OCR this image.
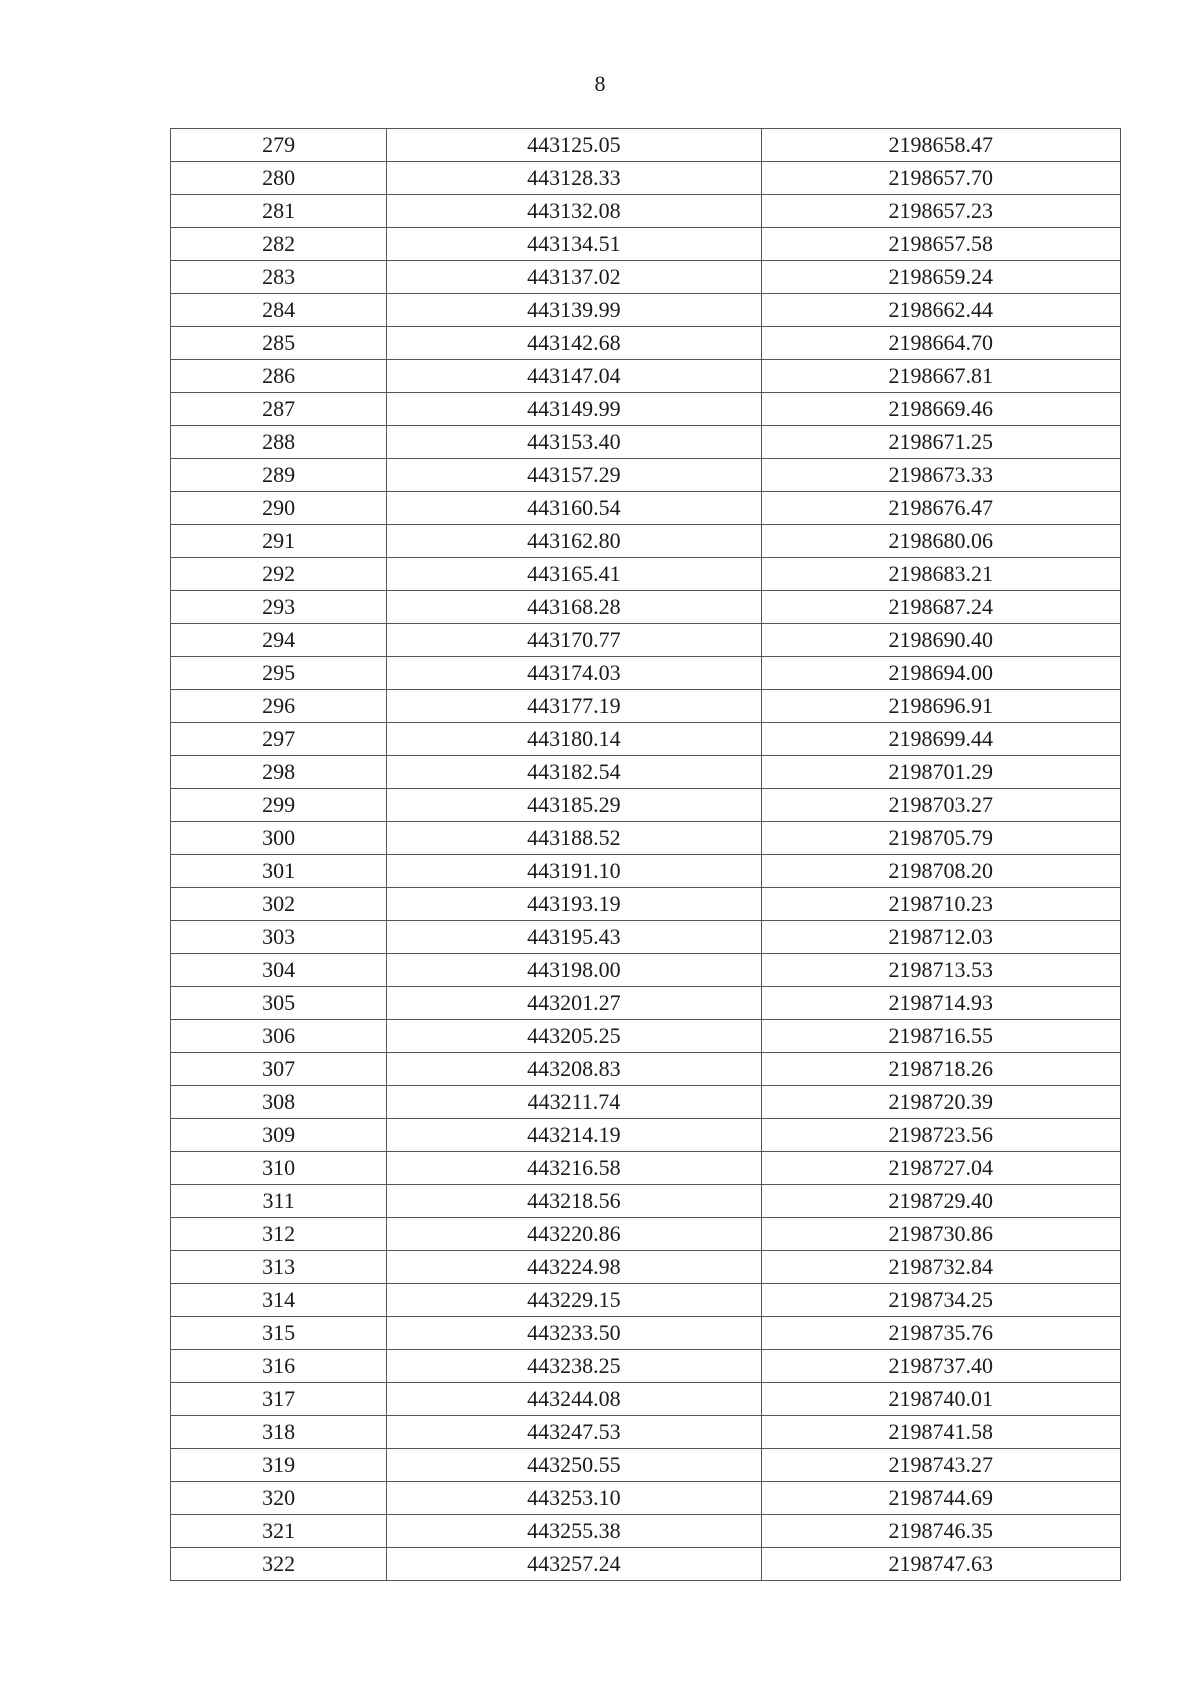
8
279	443125.05	2198658.47
280	443128.33	2198657.70
281	443132.08	2198657.23
282	443134.51	2198657.58
283	443137.02	2198659.24
284	443139.99	2198662.44
285	443142.68	2198664.70
286	443147.04	2198667.81
287	443149.99	2198669.46
288	443153.40	2198671.25
289	443157.29	2198673.33
290	443160.54	2198676.47
291	443162.80	2198680.06
292	443165.41	2198683.21
293	443168.28	2198687.24
294	443170.77	2198690.40
295	443174.03	2198694.00
296	443177.19	2198696.91
297	443180.14	2198699.44
298	443182.54	2198701.29
299	443185.29	2198703.27
300	443188.52	2198705.79
301	443191.10	2198708.20
302	443193.19	2198710.23
303	443195.43	2198712.03
304	443198.00	2198713.53
305	443201.27	2198714.93
306	443205.25	2198716.55
307	443208.83	2198718.26
308	443211.74	2198720.39
309	443214.19	2198723.56
310	443216.58	2198727.04
311	443218.56	2198729.40
312	443220.86	2198730.86
313	443224.98	2198732.84
314	443229.15	2198734.25
315	443233.50	2198735.76
316	443238.25	2198737.40
317	443244.08	2198740.01
318	443247.53	2198741.58
319	443250.55	2198743.27
320	443253.10	2198744.69
321	443255.38	2198746.35
322	443257.24	2198747.63
